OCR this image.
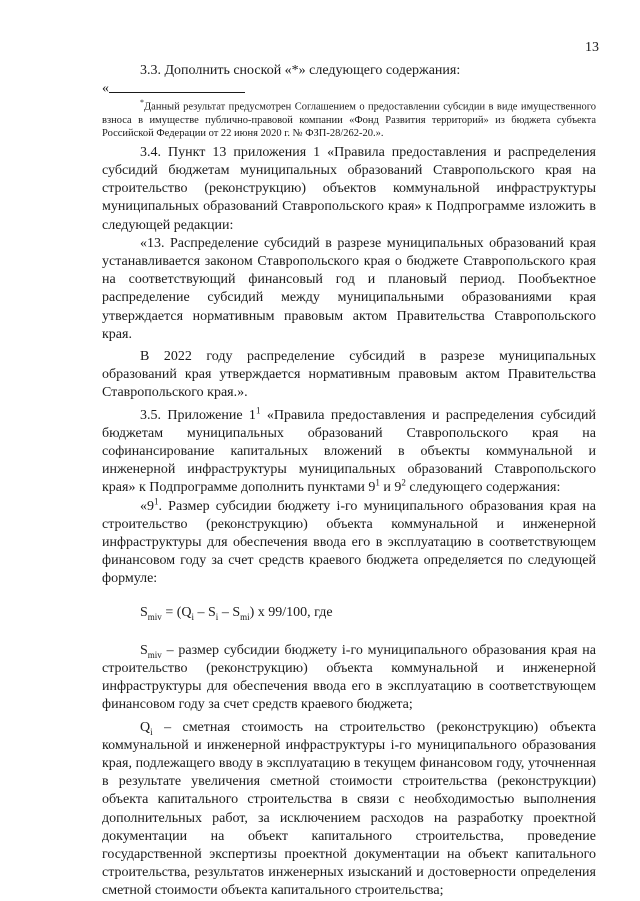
13

3.3. Дополнить сноской «*» следующего содержания:

«

*Данный результат предусмотрен Соглашением о предоставлении субсидии в виде имущественного взноса в имуществе публично-правовой компании «Фонд Развития территорий» из бюджета субъекта Российской Федерации от 22 июня 2020 г. № ФЗП-28/262-20.».

3.4. Пункт 13 приложения 1 «Правила предоставления и распределения субсидий бюджетам муниципальных образований Ставропольского края на строительство (реконструкцию) объектов коммунальной инфраструктуры муниципальных образований Ставропольского края» к Подпрограмме изложить в следующей редакции:

«13. Распределение субсидий в разрезе муниципальных образований края устанавливается законом Ставропольского края о бюджете Ставропольского края на соответствующий финансовый год и плановый период. Пообъектное распределение субсидий между муниципальными образованиями края утверждается нормативным правовым актом Правительства Ставропольского края.

В 2022 году распределение субсидий в разрезе муниципальных образований края утверждается нормативным правовым актом Правительства Ставропольского края.».

3.5. Приложение $1^1$ «Правила предоставления и распределения субсидий бюджетам муниципальных образований Ставропольского края на софинансирование капитальных вложений в объекты коммунальной и инженерной инфраструктуры муниципальных образований Ставропольского края» к Подпрограмме дополнить пунктами $9^1$ и $9^2$ следующего содержания:

«$9^1$. Размер субсидии бюджету i-го муниципального образования края на строительство (реконструкцию) объекта коммунальной и инженерной инфраструктуры для обеспечения ввода его в эксплуатацию в соответствующем финансовом году за счет средств краевого бюджета определяется по следующей формуле:

$S_{miv} = (Q_i - S_i - S_{mi})$ х 99/100, где

$S_{miv}$ – размер субсидии бюджету i-го муниципального образования края на строительство (реконструкцию) объекта коммунальной и инженерной инфраструктуры для обеспечения ввода его в эксплуатацию в соответствующем финансовом году за счет средств краевого бюджета;

$Q_i$ – сметная стоимость на строительство (реконструкцию) объекта коммунальной и инженерной инфраструктуры i-го муниципального образования края, подлежащего вводу в эксплуатацию в текущем финансовом году, уточненная в результате увеличения сметной стоимости строительства (реконструкции) объекта капитального строительства в связи с необходимостью выполнения дополнительных работ, за исключением расходов на разработку проектной документации на объект капитального строительства, проведение государственной экспертизы проектной документации на объект капитального строительства, результатов инженерных изысканий и достоверности определения сметной стоимости объекта капитального строительства;
